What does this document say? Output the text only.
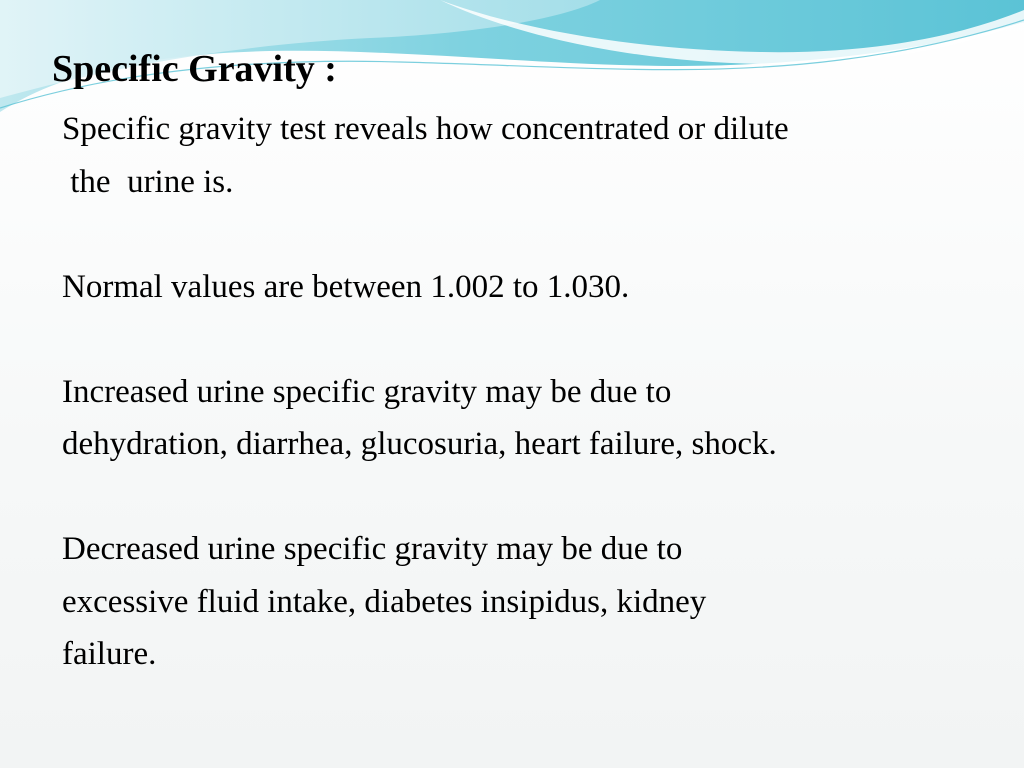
Specific Gravity :

Specific gravity test reveals how concentrated or dilute
the  urine is.

Normal values are between 1.002 to 1.030.

Increased urine specific gravity may be due to
dehydration, diarrhea, glucosuria, heart failure, shock.

Decreased urine specific gravity may be due to
excessive fluid intake, diabetes insipidus, kidney
failure.
